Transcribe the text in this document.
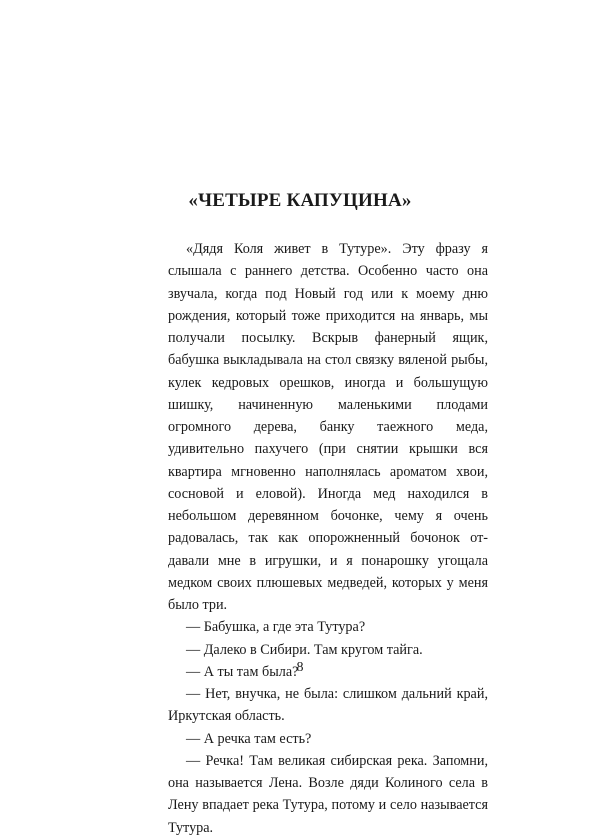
«ЧЕТЫРЕ КАПУЦИНА»

«Дядя Коля живет в Тутуре». Эту фразу я слышала с раннего детства. Особенно часто она звучала, когда под Новый год или к моему дню рождения, который тоже приходится на январь, мы получали посылку. Вскрыв фанерный ящик, бабушка выкладывала на стол связку вяленой рыбы, кулек кедровых орешков, иногда и большущую шишку, начиненную маленькими плодами огромного дерева, банку таежного меда, удивительно пахучего (при снятии крышки вся квартира мгновенно наполнялась ароматом хвои, сосновой и еловой). Иногда мед находился в небольшом деревянном бочонке, чему я очень радовалась, так как опорожненный бочонок отдавали мне в игрушки, и я понарошку угощала медком своих плюшевых медведей, которых у меня было три.

— Бабушка, а где эта Тутура?

— Далеко в Сибири. Там кругом тайга.

— А ты там была?

— Нет, внучка, не была: слишком дальний край, Иркутская область.

— А речка там есть?

— Речка! Там великая сибирская река. Запомни, она называется Лена. Возле дяди Колиного села в Лену впадает река Тутура, потому и село называется Тутура.

8
